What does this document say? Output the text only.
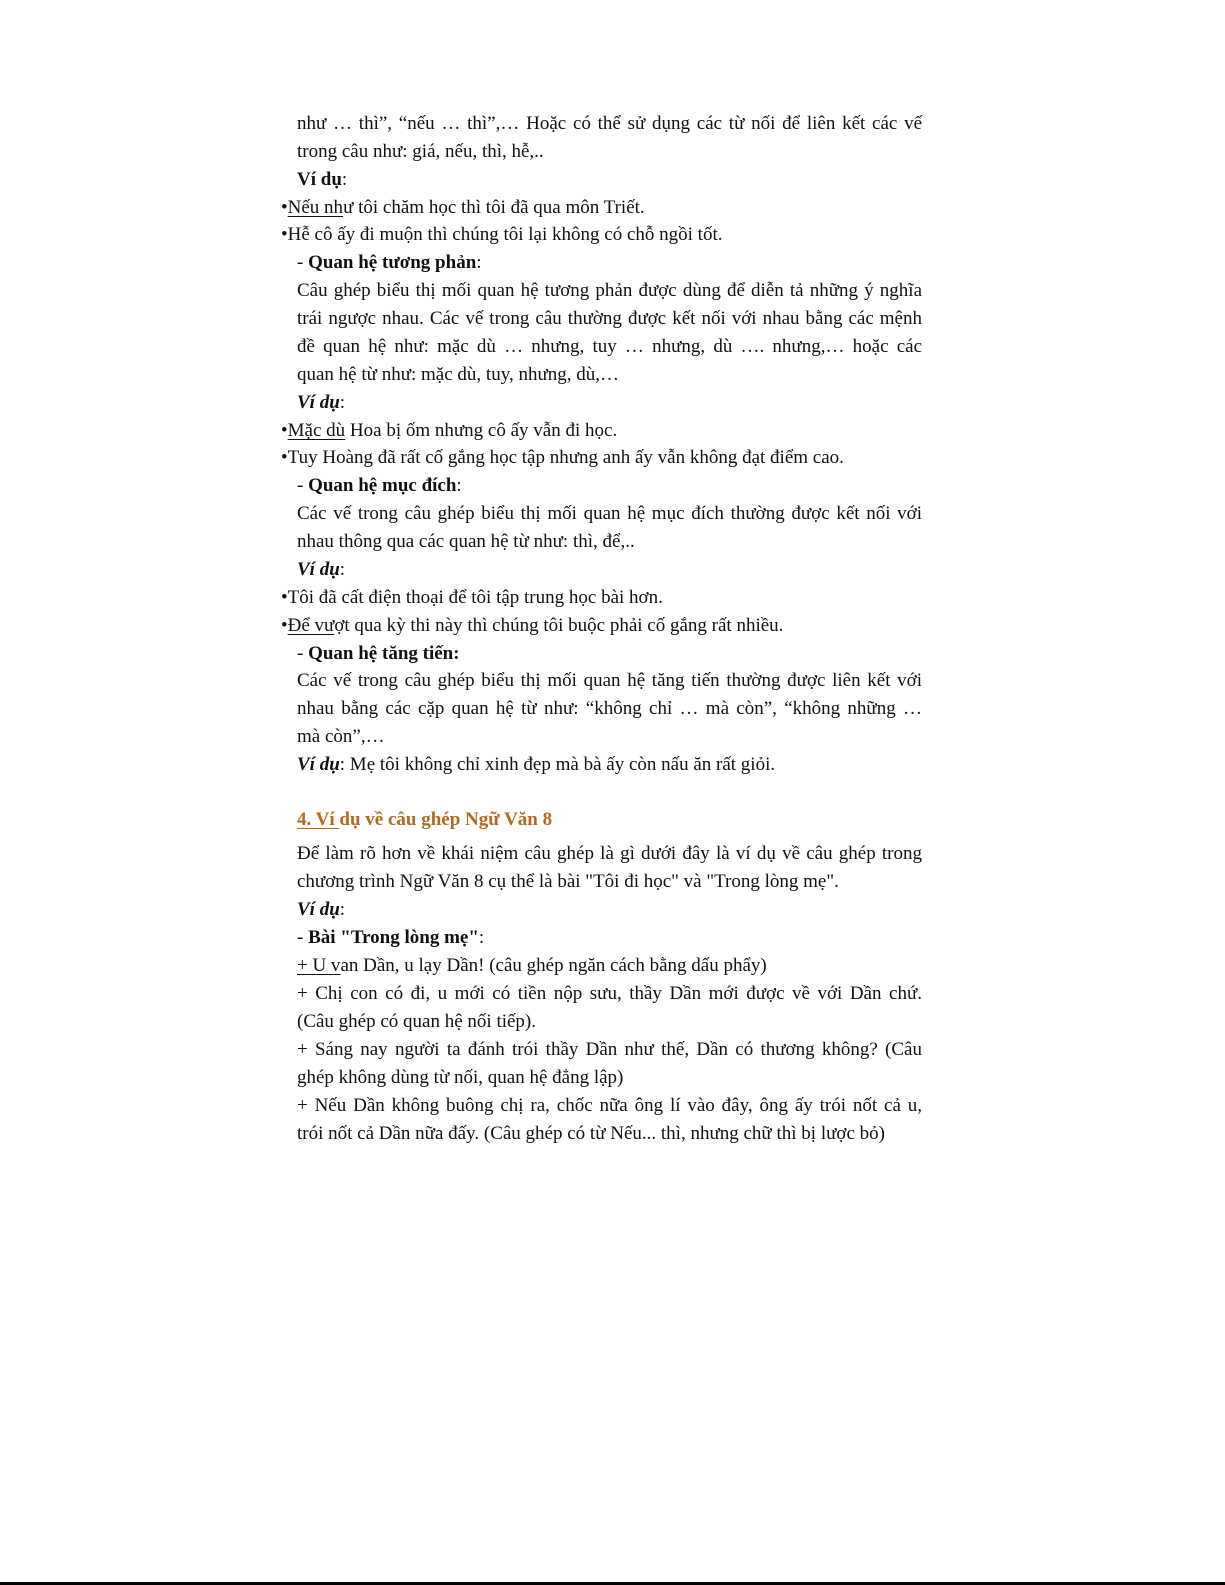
như … thì”, “nếu … thì”,… Hoặc có thể sử dụng các từ nối để liên kết các vế

trong câu như: giá, nếu, thì, hễ,..

Ví dụ:

•Nếu như tôi chăm học thì tôi đã qua môn Triết.

•Hễ cô ấy đi muộn thì chúng tôi lại không có chỗ ngồi tốt.

- Quan hệ tương phản:

Câu ghép biểu thị mối quan hệ tương phản được dùng để diễn tả những ý nghĩa

trái ngược nhau. Các vế trong câu thường được kết nối với nhau bằng các mệnh

đề quan hệ như: mặc dù … nhưng, tuy … nhưng, dù …. nhưng,… hoặc các

quan hệ từ như: mặc dù, tuy, nhưng, dù,…

Ví dụ:

•Mặc dù Hoa bị ốm nhưng cô ấy vẫn đi học.

•Tuy Hoàng đã rất cố gắng học tập nhưng anh ấy vẫn không đạt điểm cao.

- Quan hệ mục đích:

Các vế trong câu ghép biểu thị mối quan hệ mục đích thường được kết nối với

nhau thông qua các quan hệ từ như: thì, để,..

Ví dụ:

•Tôi đã cất điện thoại để tôi tập trung học bài hơn.

•Để vượt qua kỳ thi này thì chúng tôi buộc phải cố gắng rất nhiều.

- Quan hệ tăng tiến:

Các vế trong câu ghép biểu thị mối quan hệ tăng tiến thường được liên kết với

nhau bằng các cặp quan hệ từ như: “không chỉ … mà còn”, “không những …

mà còn”,…

Ví dụ: Mẹ tôi không chỉ xinh đẹp mà bà ấy còn nấu ăn rất giỏi.

4. Ví dụ về câu ghép Ngữ Văn 8

Để làm rõ hơn về khái niệm câu ghép là gì dưới đây là ví dụ về câu ghép trong

chương trình Ngữ Văn 8 cụ thể là bài "Tôi đi học" và "Trong lòng mẹ".

Ví dụ:

- Bài "Trong lòng mẹ":

+ U van Dần, u lạy Dần! (câu ghép ngăn cách bằng dấu phẩy)

+ Chị con có đi, u mới có tiền nộp sưu, thầy Dần mới được về với Dần chứ.

(Câu ghép có quan hệ nối tiếp).

+ Sáng nay người ta đánh trói thầy Dần như thế, Dần có thương không? (Câu

ghép không dùng từ nối, quan hệ đẳng lập)

+ Nếu Dần không buông chị ra, chốc nữa ông lí vào đây, ông ấy trói nốt cả u,

trói nốt cả Dần nữa đấy. (Câu ghép có từ Nếu... thì, nhưng chữ thì bị lược bỏ)
